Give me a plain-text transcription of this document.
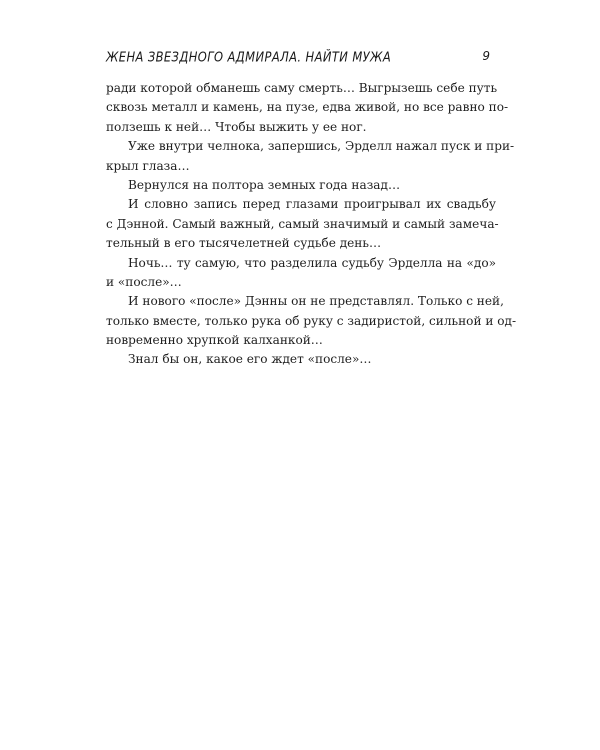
ЖЕНА ЗВЕЗДНОГО АДМИРАЛА. НАЙТИ МУЖА	9
ради которой обманешь саму смерть… Выгрызешь себе путь
сквозь металл и камень, на пузе, едва живой, но все равно по-
ползешь к ней… Чтобы выжить у ее ног.
Уже внутри челнока, запершись, Эрделл нажал пуск и при-
крыл глаза…
Вернулся на полтора земных года назад…
И словно запись перед глазами проигрывал их свадьбу
с Дэнной. Самый важный, самый значимый и самый замеча-
тельный в его тысячелетней судьбе день…
Ночь… ту самую, что разделила судьбу Эрделла на «до»
и «после»…
И нового «после» Дэнны он не представлял. Только с ней,
только вместе, только рука об руку с задиристой, сильной и од-
новременно хрупкой калханкой…
Знал бы он, какое его ждет «после»…
